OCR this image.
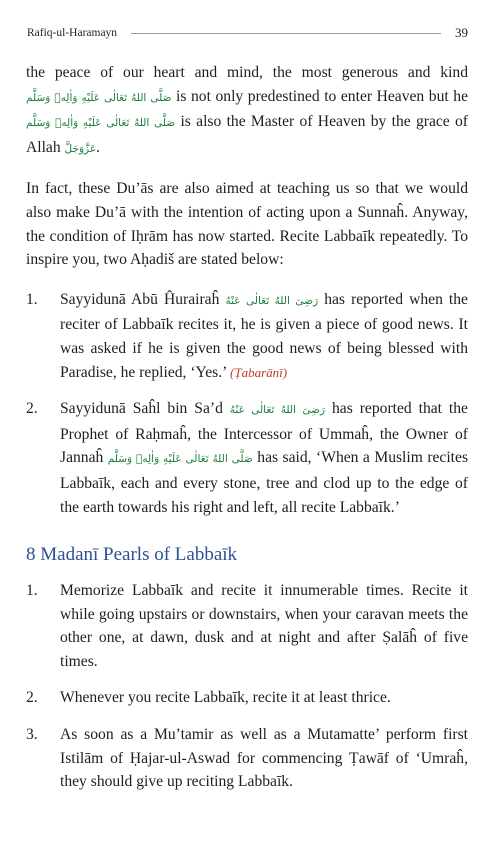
Rafiq-ul-Haramayn	39

the peace of our heart and mind, the most generous and kind صَلَّى اللهُ تَعَالٰى عَلَيْهِ وَاٰلِهٖ وَسَلَّم is not only predestined to enter Heaven but he صَلَّى اللهُ تَعَالٰى عَلَيْهِ وَاٰلِهٖ وَسَلَّم is also the Master of Heaven by the grace of Allah عَزَّوَجَلَّ.

In fact, these Du’ās are also aimed at teaching us so that we would also make Du’ā with the intention of acting upon a Sunnaĥ. Anyway, the condition of Iḥrām has now started. Recite Labbaīk repeatedly. To inspire you, two Aḥadiš are stated below:

1.	Sayyidunā Abū Ĥurairaĥ رَضِىَ اللهُ تَعَالٰى عَنْهُ has reported when the reciter of Labbaīk recites it, he is given a piece of good news. It was asked if he is given the good news of being blessed with Paradise, he replied, ‘Yes.’ (Ṭabarānī)
2.	Sayyidunā Saĥl bin Sa’d رَضِىَ اللهُ تَعَالٰى عَنْهُ has reported that the Prophet of Raḥmaĥ, the Intercessor of Ummaĥ, the Owner of Jannaĥ صَلَّى اللهُ تَعَالٰى عَلَيْهِ وَاٰلِهٖ وَسَلَّم has said, ‘When a Muslim recites Labbaīk, each and every stone, tree and clod up to the edge of the earth towards his right and left, all recite Labbaīk.’
8 Madanī Pearls of Labbaīk
1.	Memorize Labbaīk and recite it innumerable times. Recite it while going upstairs or downstairs, when your caravan meets the other one, at dawn, dusk and at night and after Ṣalāĥ of five times.
2.	Whenever you recite Labbaīk, recite it at least thrice.
3.	As soon as a Mu’tamir as well as a Mutamatte’ perform first Istilām of Ḥajar-ul-Aswad for commencing Ṭawāf of ‘Umraĥ, they should give up reciting Labbaīk.
